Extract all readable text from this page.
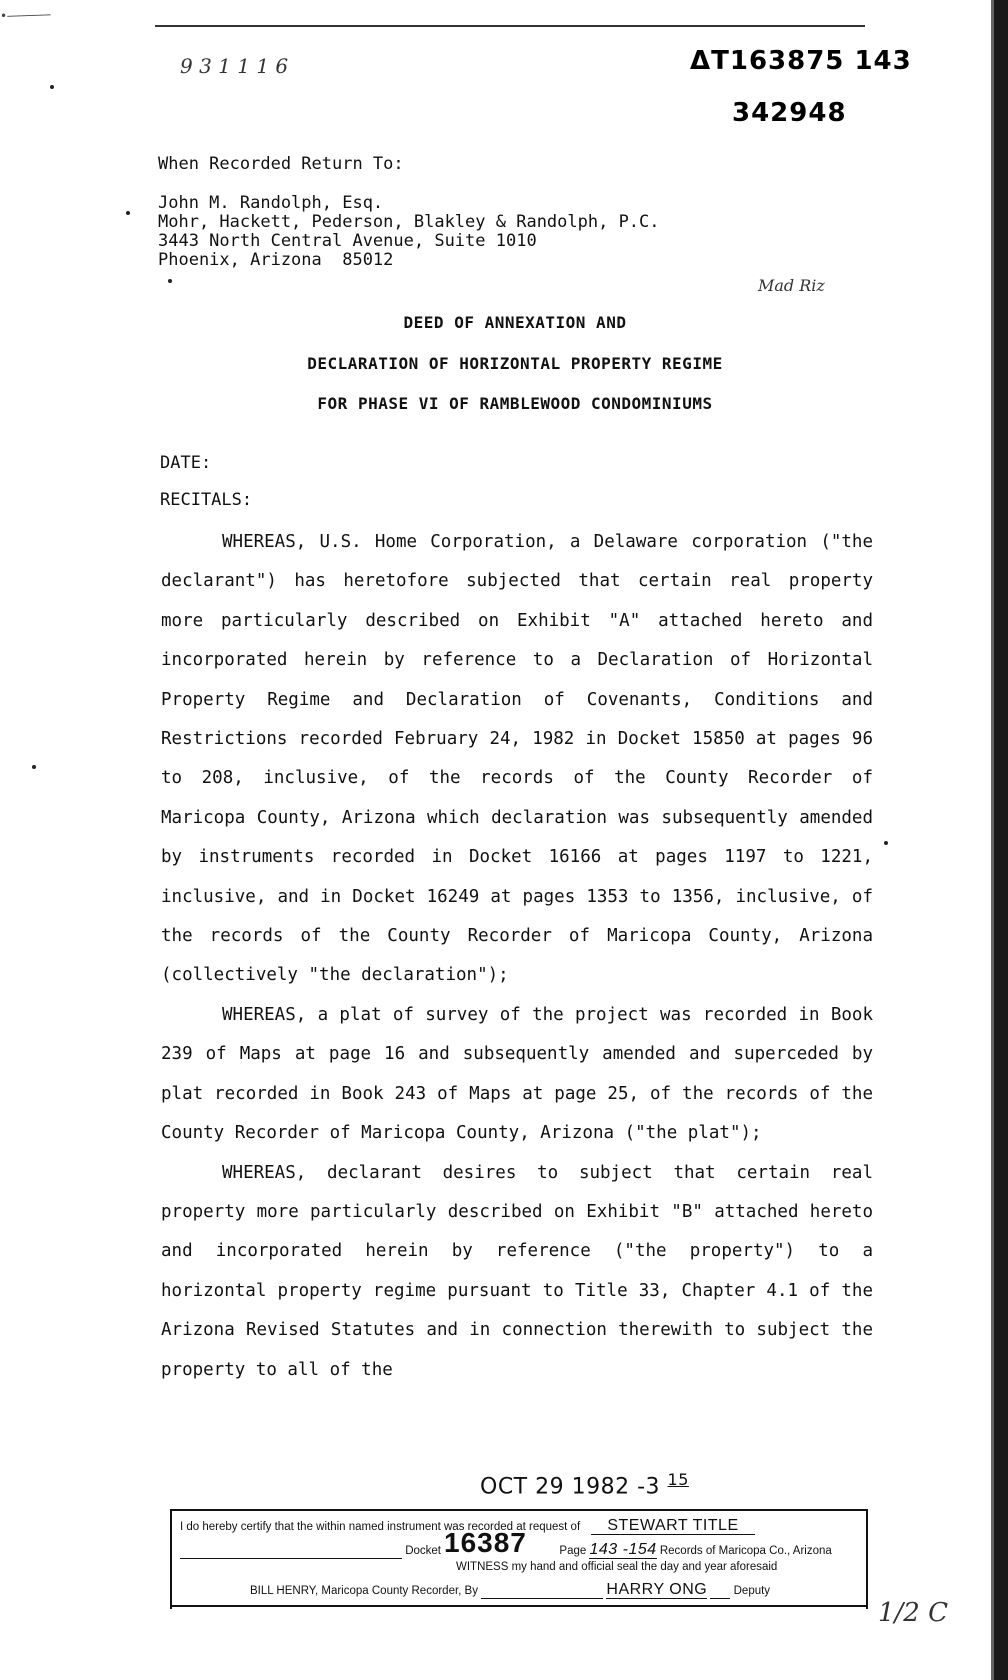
•——————
9 3 1 1 1 6	ΔΤ163875 143
342948
Mad Riz
When Recorded Return To:
John M. Randolph, Esq.
Mohr, Hackett, Pederson, Blakley & Randolph, P.C.
3443 North Central Avenue, Suite 1010
Phoenix, Arizona  85012
DEED OF ANNEXATION AND
DECLARATION OF HORIZONTAL PROPERTY REGIME
FOR PHASE VI OF RAMBLEWOOD CONDOMINIUMS
DATE:
RECITALS:

WHEREAS, U.S. Home Corporation, a Delaware corporation ("the declarant") has heretofore subjected that certain real property more particularly described on Exhibit "A" attached hereto and incorporated herein by reference to a Declaration of Horizontal Property Regime and Declaration of Covenants, Conditions and Restrictions recorded February 24, 1982 in Docket 15850 at pages 96 to 208, inclusive, of the records of the County Recorder of Maricopa County, Arizona which declaration was subsequently amended by instruments recorded in Docket 16166 at pages 1197 to 1221, inclusive, and in Docket 16249 at pages 1353 to 1356, inclusive, of the records of the County Recorder of Maricopa County, Arizona (collectively "the declaration");

WHEREAS, a plat of survey of the project was recorded in Book 239 of Maps at page 16 and subsequently amended and superceded by plat recorded in Book 243 of Maps at page 25, of the records of the County Recorder of Maricopa County, Arizona ("the plat");

WHEREAS, declarant desires to subject that certain real property more particularly described on Exhibit "B" attached hereto and incorporated herein by reference ("the property") to a horizontal property regime pursuant to Title 33, Chapter 4.1 of the Arizona Revised Statutes and in connection therewith to subject the property to all of the

OCT 29 1982 -3 $^{15}$
I do hereby certify that the within named instrument was recorded at request of STEWART TITLE
Docket	Page 143 -154 Records of Maricopa Co., Arizona
16387
WITNESS my hand and official seal the day and year aforesaid
BILL HENRY, Maricopa County Recorder, By	HARRY ONG Deputy
1/2 C
